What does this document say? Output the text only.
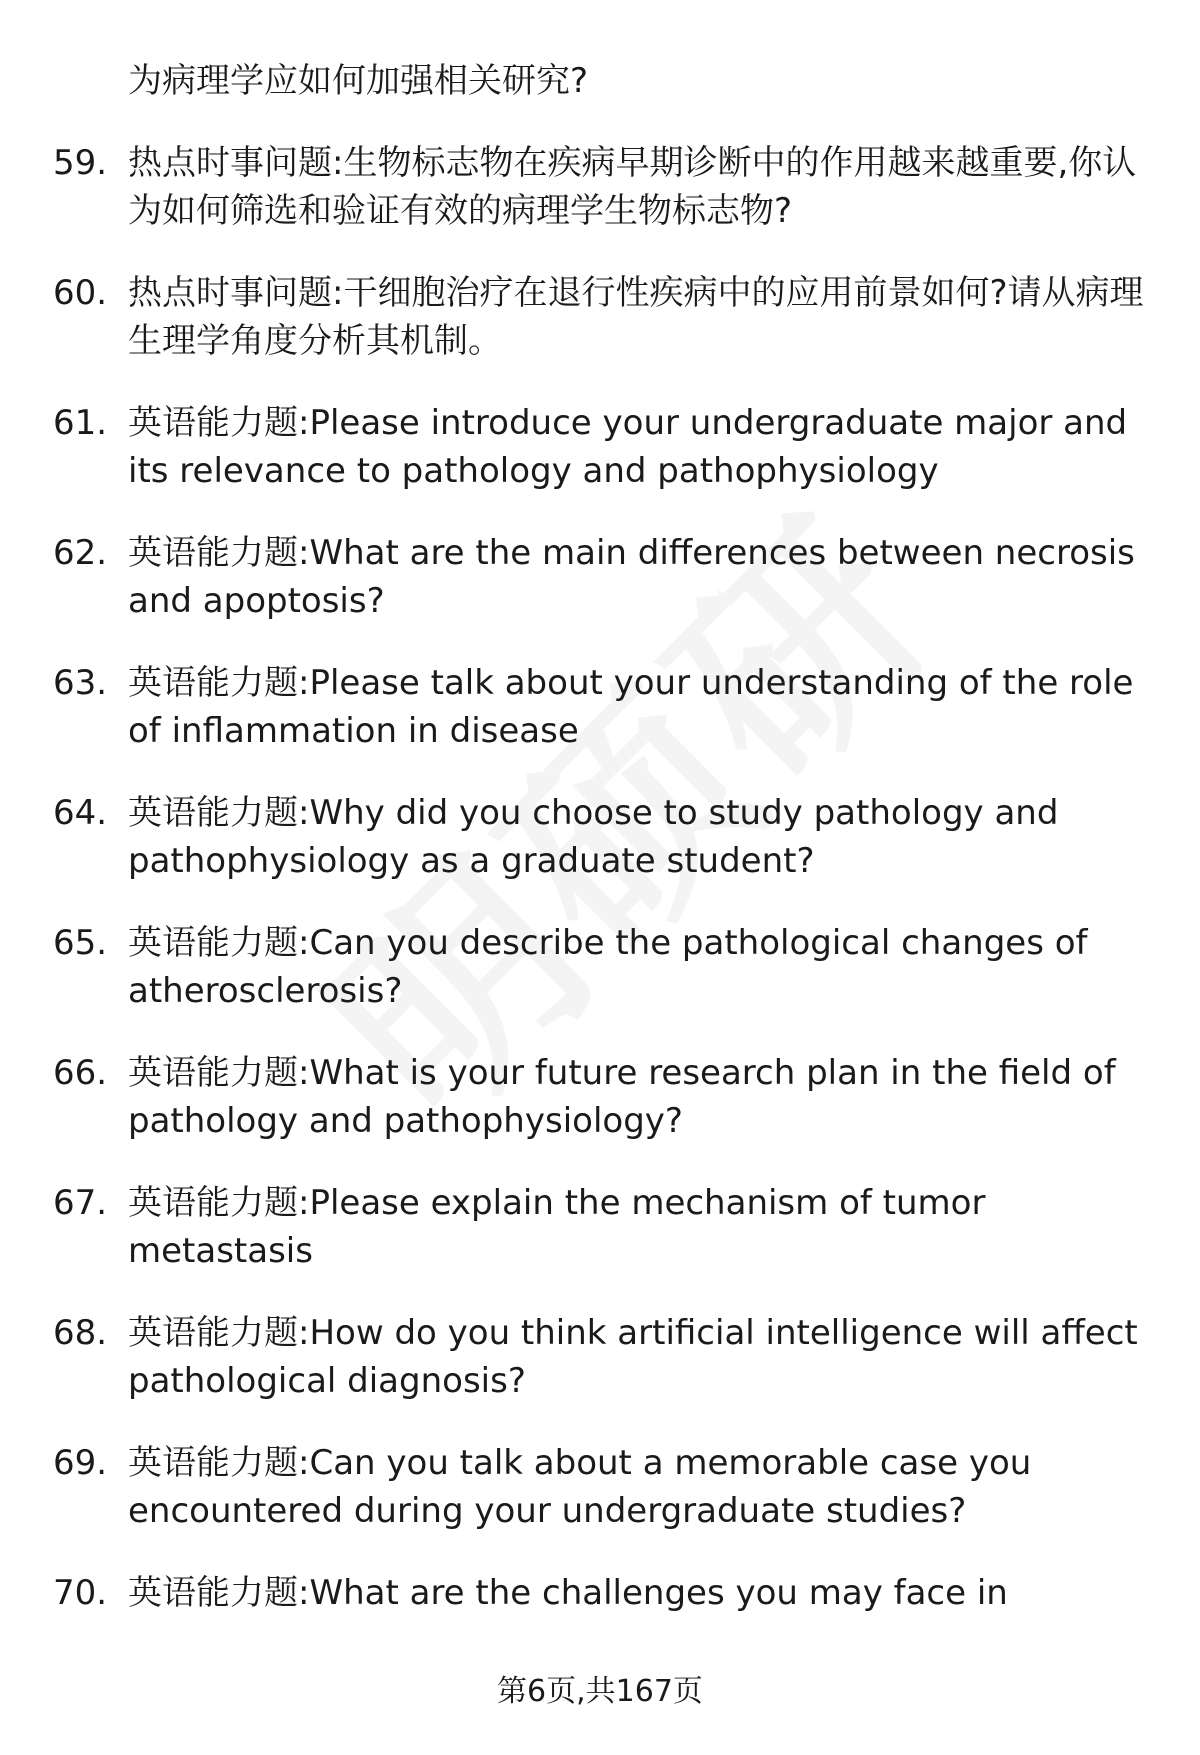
为病理学应如何加强相关研究?
59. 热点时事问题:生物标志物在疾病早期诊断中的作用越来越重要,你认为如何筛选和验证有效的病理学生物标志物?
60. 热点时事问题:干细胞治疗在退行性疾病中的应用前景如何?请从病理生理学角度分析其机制。
61. 英语能力题:Please introduce your undergraduate major and its relevance to pathology and pathophysiology
62. 英语能力题:What are the main differences between necrosis and apoptosis?
63. 英语能力题:Please talk about your understanding of the role of inflammation in disease
64. 英语能力题:Why did you choose to study pathology and pathophysiology as a graduate student?
65. 英语能力题:Can you describe the pathological changes of atherosclerosis?
66. 英语能力题:What is your future research plan in the field of pathology and pathophysiology?
67. 英语能力题:Please explain the mechanism of tumor metastasis
68. 英语能力题:How do you think artificial intelligence will affect pathological diagnosis?
69. 英语能力题:Can you talk about a memorable case you encountered during your undergraduate studies?
70. 英语能力题:What are the challenges you may face in
第6页,共167页
